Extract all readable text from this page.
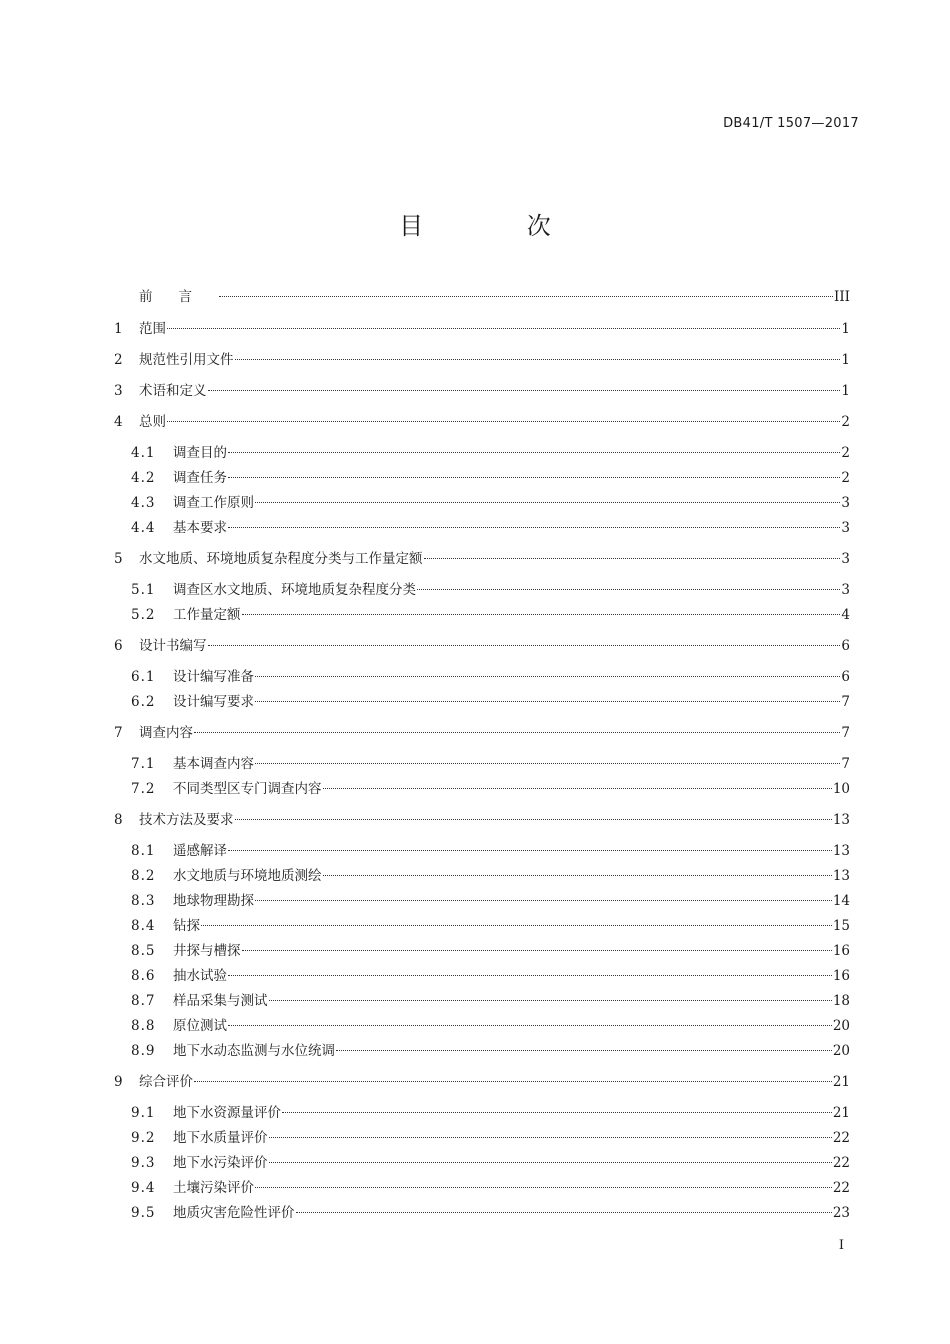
DB41/T 1507—2017
目 次
前言	III
1	范围	1
2	规范性引用文件	1
3	术语和定义	1
4	总则	2
4.1	调查目的	2
4.2	调查任务	2
4.3	调查工作原则	3
4.4	基本要求	3
5	水文地质、环境地质复杂程度分类与工作量定额	3
5.1	调查区水文地质、环境地质复杂程度分类	3
5.2	工作量定额	4
6	设计书编写	6
6.1	设计编写准备	6
6.2	设计编写要求	7
7	调查内容	7
7.1	基本调查内容	7
7.2	不同类型区专门调查内容	10
8	技术方法及要求	13
8.1	遥感解译	13
8.2	水文地质与环境地质测绘	13
8.3	地球物理勘探	14
8.4	钻探	15
8.5	井探与槽探	16
8.6	抽水试验	16
8.7	样品采集与测试	18
8.8	原位测试	20
8.9	地下水动态监测与水位统调	20
9	综合评价	21
9.1	地下水资源量评价	21
9.2	地下水质量评价	22
9.3	地下水污染评价	22
9.4	土壤污染评价	22
9.5	地质灾害危险性评价	23
I
